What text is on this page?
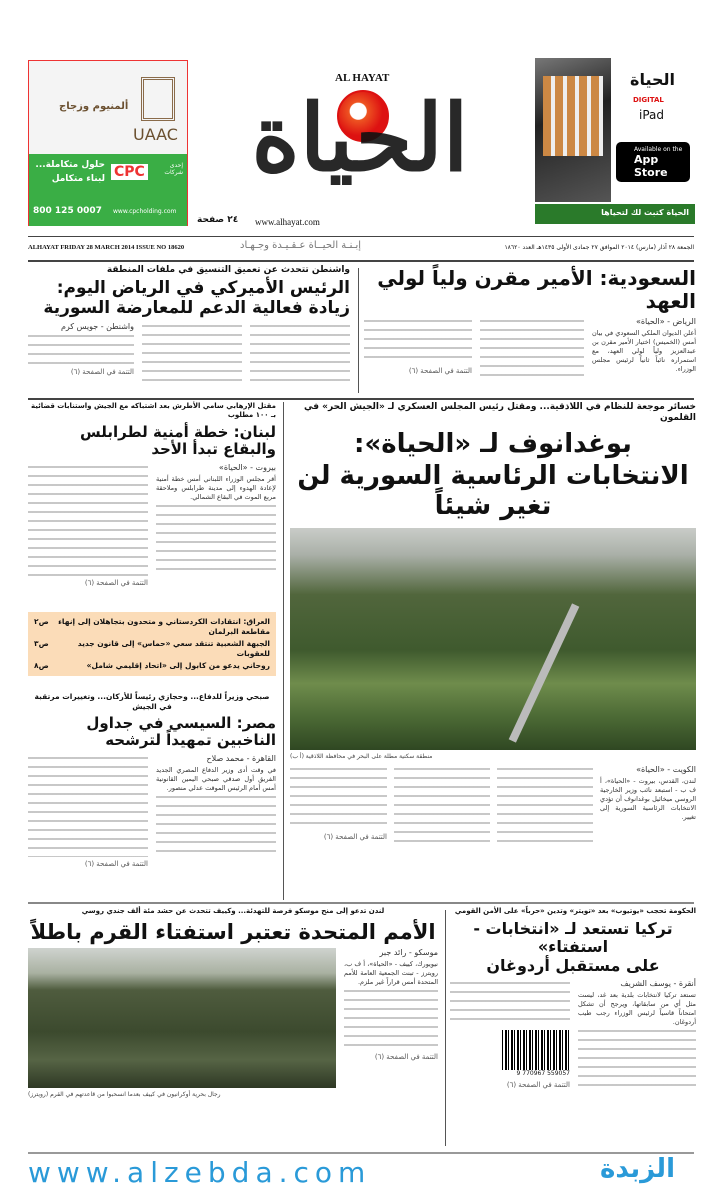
ألمنيوم وزجاج
UAAC
إحدى شركات
CPC
حلول متكاملة...
لبناء متكامل
800 125 0007 www.cpcholding.com
AL HAYAT
الحياة
www.alhayat.com
٢٤ صفحة
الحياة
DIGITAL
iPad
Available on the
App Store
الحياة كتبت لك لتحياها
ALHAYAT FRIDAY 28 MARCH 2014 ISSUE NO 18620	إبـنـة الحيــاة عـقـيـدة وجـهـاد	الجمعة ٢٨ آذار (مارس) ٢٠١٤ الموافق ٢٧ جمادى الأولى ١٤٣٥هـ العدد ١٨٦٢٠
السعودية: الأمير مقرن ولياً لولي العهد
الرياض - «الحياة»
أعلن الديوان الملكي السعودي في بيان أمس (الخميس) اختيار الأمير مقرن بن عبدالعزيز ولياً لولي العهد، مع استمراره نائباً ثانياً لرئيس مجلس الوزراء.
التتمة في الصفحة (٦)
واشنطن تتحدث عن تعميق التنسيق في ملفات المنطقة
الرئيس الأميركي في الرياض اليوم:
زيادة فعالية الدعم للمعارضة السورية
واشنطن - جويس كرم
التتمة في الصفحة (٦)
خسائر موجعة للنظام في اللاذقية... ومقتل رئيس المجلس العسكري لـ «الجيش الحر» في القلمون
بوغدانوف لـ «الحياة»:
الانتخابات الرئاسية السورية لن تغير شيئاً
منطقة سكنية مطلة على البحر في محافظة اللاذقية (أ ب)
الكويت - «الحياة»
لندن، القدس، بيروت - «الحياة»، أ ف ب - استبعد نائب وزير الخارجية الروسي ميخائيل بوغدانوف أن تؤدي الانتخابات الرئاسية السورية إلى تغيير.
التتمة في الصفحة (٦)
مقتل الإرهابي سامي الأطرش بعد اشتباكه مع الجيش واستنابات قضائية بـ ١٠٠ مطلوب
لبنان: خطة أمنية لطرابلس والبقاع تبدأ الأحد
بيروت - «الحياة»
أقر مجلس الوزراء اللبناني أمس خطة أمنية لإعادة الهدوء إلى مدينة طرابلس وملاحقة مربع الموت في البقاع الشمالي.
التتمة في الصفحة (٦)
العراق: انتقادات الكردستاني و متحدون بتجاهلان إلى إنهاء مقاطعة البرلمان
ص٢
الجبهة الشعبية تنتقد سعي «حماس» إلى قانون جديد للعقوبات
ص٣
روحاني يدعو من كابول إلى «اتحاد إقليمي شامل»
ص٨
صبحي وزيراً للدفاع... وحجازي رئيساً للأركان... وتغييرات مرتقبة في الجيش
مصر: السيسي في جداول الناخبين تمهيداً لترشحه
القاهرة - محمد صلاح
في وقت أدى وزير الدفاع المصري الجديد الفريق أول صدقي صبحي اليمين القانونية أمس أمام الرئيس الموقت عدلي منصور.
التتمة في الصفحة (٦)
الحكومة تحجب «يوتيوب» بعد «تويتر» وتدين «حرباً» على الأمن القومي
تركيا تستعد لـ «انتخابات - استفتاء»
على مستقبل أردوغان
أنقرة - يوسف الشريف
تستعد تركيا لانتخابات بلدية بعد غد، ليست مثل أي من سابقاتها، ويرجح أن تشكل امتحاناً قاسياً لرئيس الوزراء رجب طيب أردوغان.
9 770967 559057
التتمة في الصفحة (٦)
لندن تدعو إلى منح موسكو فرصة للتهدئة... وكييف تتحدث عن حشد مئة ألف جندي روسي
الأمم المتحدة تعتبر استفتاء القرم باطلاً
موسكو - رائد جبر
نيويورك، كييف - «الحياة»، أ ف ب، رويترز - تبنت الجمعية العامة للأمم المتحدة أمس قراراً غير ملزم.
التتمة في الصفحة (٦)
رجال بحرية أوكرانيون في كييف بعدما انسحبوا من قاعدتهم في القرم (رويترز)
www.alzebda.com	الزبدة
